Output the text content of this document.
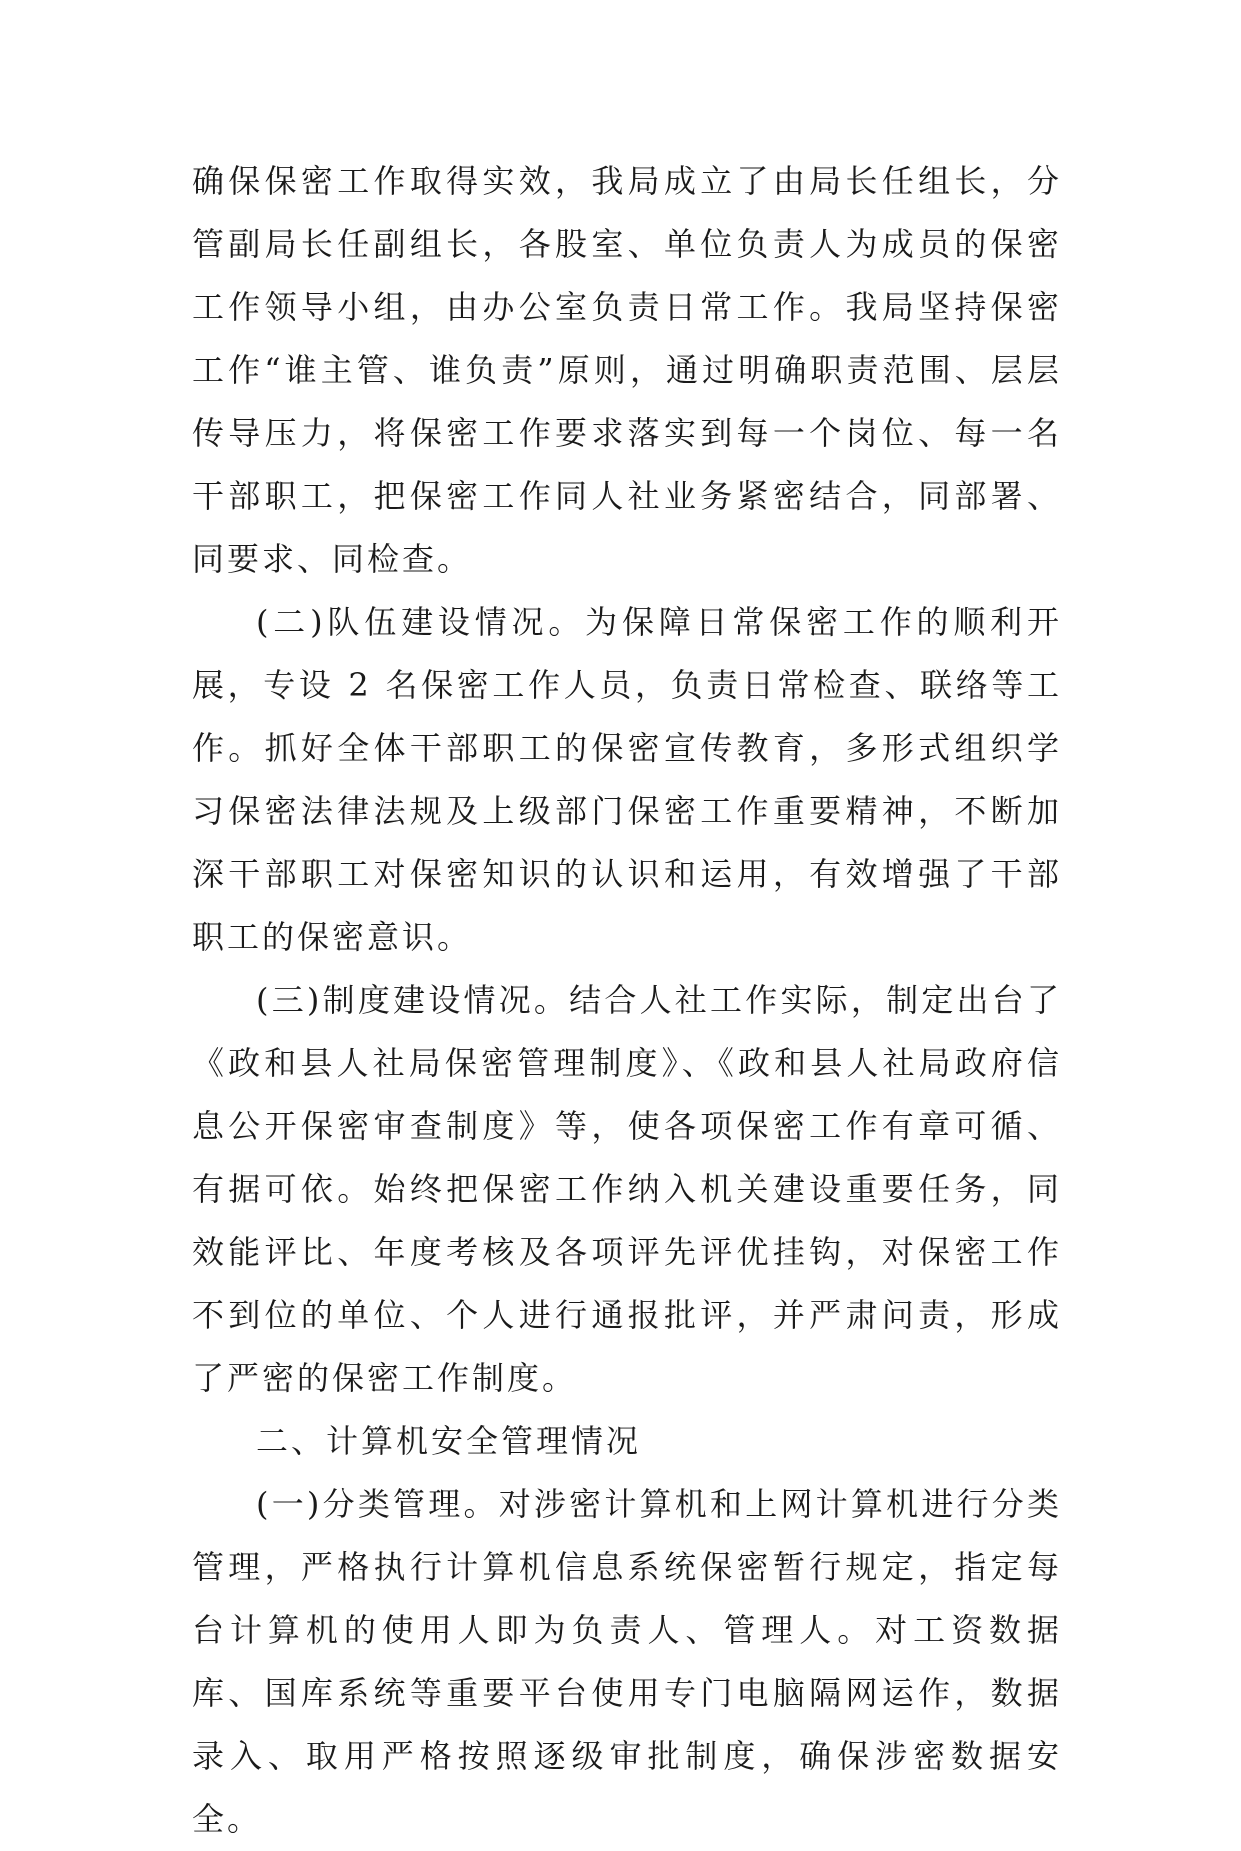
确保保密工作取得实效，我局成立了由局长任组长，分管副局长任副组长，各股室、单位负责人为成员的保密工作领导小组，由办公室负责日常工作。我局坚持保密工作“谁主管、谁负责”原则，通过明确职责范围、层层传导压力，将保密工作要求落实到每一个岗位、每一名干部职工，把保密工作同人社业务紧密结合，同部署、同要求、同检查。

(二)队伍建设情况。为保障日常保密工作的顺利开展，专设 2 名保密工作人员，负责日常检查、联络等工作。抓好全体干部职工的保密宣传教育，多形式组织学习保密法律法规及上级部门保密工作重要精神，不断加深干部职工对保密知识的认识和运用，有效增强了干部职工的保密意识。

(三)制度建设情况。结合人社工作实际，制定出台了《政和县人社局保密管理制度》、《政和县人社局政府信息公开保密审查制度》等，使各项保密工作有章可循、有据可依。始终把保密工作纳入机关建设重要任务，同效能评比、年度考核及各项评先评优挂钩，对保密工作不到位的单位、个人进行通报批评，并严肃问责，形成了严密的保密工作制度。

二、计算机安全管理情况

(一)分类管理。对涉密计算机和上网计算机进行分类管理，严格执行计算机信息系统保密暂行规定，指定每台计算机的使用人即为负责人、管理人。对工资数据库、国库系统等重要平台使用专门电脑隔网运作，数据录入、取用严格按照逐级审批制度，确保涉密数据安全。
